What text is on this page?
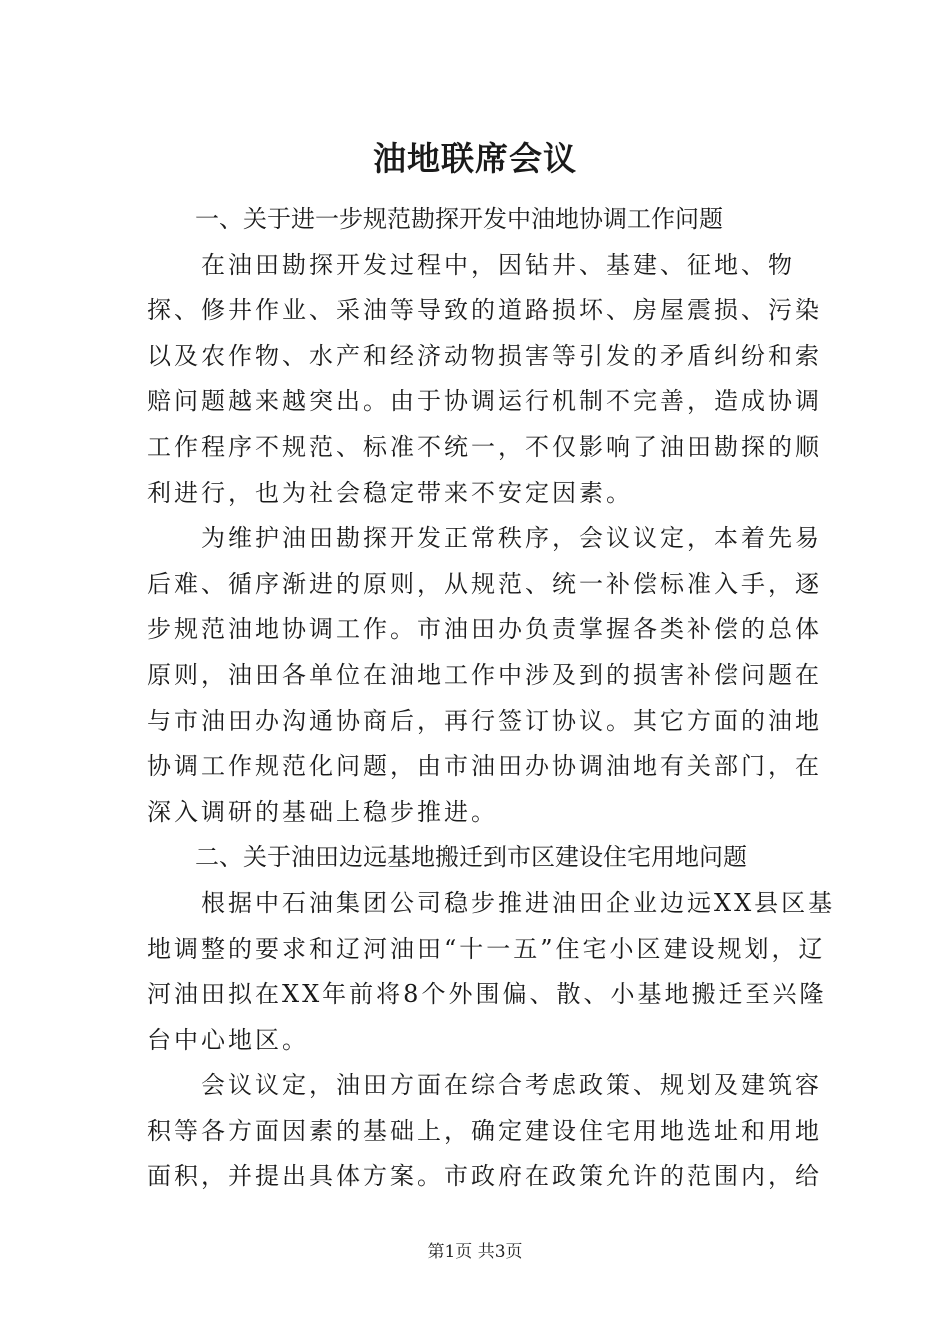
油地联席会议

一、关于进一步规范勘探开发中油地协调工作问题

在油田勘探开发过程中，因钻井、基建、征地、物探、修井作业、采油等导致的道路损坏、房屋震损、污染以及农作物、水产和经济动物损害等引发的矛盾纠纷和索赔问题越来越突出。由于协调运行机制不完善，造成协调工作程序不规范、标准不统一，不仅影响了油田勘探的顺利进行，也为社会稳定带来不安定因素。

为维护油田勘探开发正常秩序，会议议定，本着先易后难、循序渐进的原则，从规范、统一补偿标准入手，逐步规范油地协调工作。市油田办负责掌握各类补偿的总体原则，油田各单位在油地工作中涉及到的损害补偿问题在与市油田办沟通协商后，再行签订协议。其它方面的油地协调工作规范化问题，由市油田办协调油地有关部门，在深入调研的基础上稳步推进。

二、关于油田边远基地搬迁到市区建设住宅用地问题

根据中石油集团公司稳步推进油田企业边远XX县区基地调整的要求和辽河油田“十一五”住宅小区建设规划，辽河油田拟在XX年前将8个外围偏、散、小基地搬迁至兴隆台中心地区。

会议议定，油田方面在综合考虑政策、规划及建筑容积等各方面因素的基础上，确定建设住宅用地选址和用地面积，并提出具体方案。市政府在政策允许的范围内，给

第1页 共3页
